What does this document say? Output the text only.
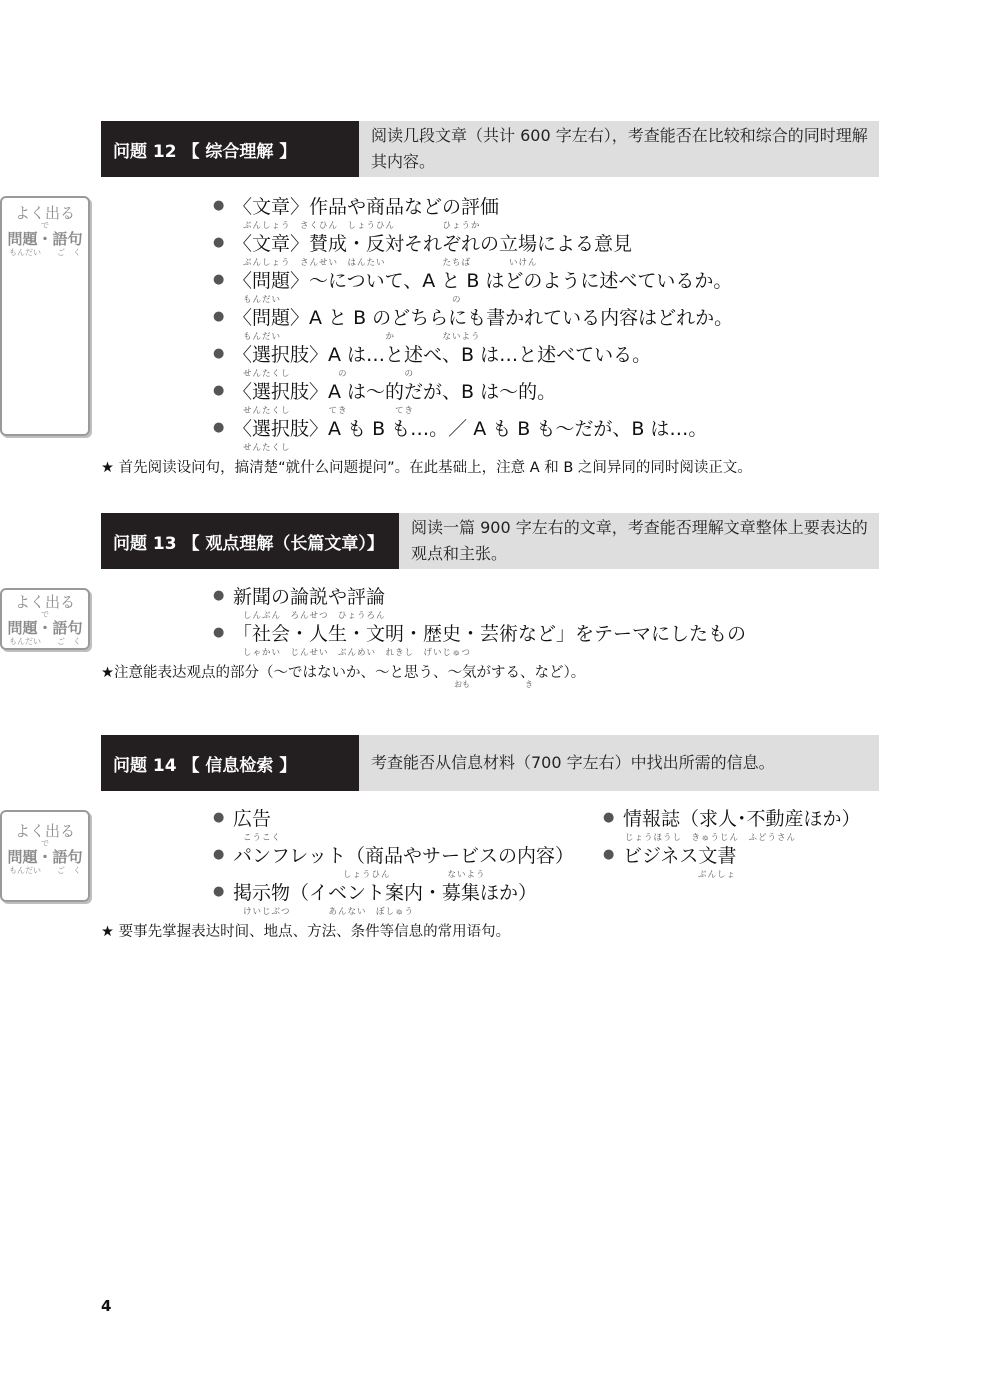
问题 12 【 综合理解 】
阅读几段文章（共计 600 字左右），考查能否在比较和综合的同时理解其内容。
よく出る
で
問題・語句
もんだい　　ご　く
● 〈文章〉作品や商品などの評価
ぶんしょう　さくひん　しょうひん　　　　　ひょうか
● 〈文章〉賛成・反対それぞれの立場による意見
ぶんしょう　さんせい　はんたい　　　　　　たちば　　　　いけん
● 〈問題〉～について、A と B はどのように述べているか。
もんだい　　　　　　　　　　　　　　　　　　の
● 〈問題〉A と B のどちらにも書かれている内容はどれか。
もんだい　　　　　　　　　　　か　　　　　ないよう
● 〈選択肢〉A は…と述べ、B は…と述べている。
せんたくし　　　　　の　　　　　　の
● 〈選択肢〉A は～的だが、B は～的。
せんたくし　　　　てき　　　　　てき
● 〈選択肢〉A も B も…。／ A も B も～だが、B は…。
せんたくし
★ 首先阅读设问句，搞清楚“就什么问题提问”。在此基础上，注意 A 和 B 之间异同的同时阅读正文。
问题 13 【 观点理解（长篇文章）】
阅读一篇 900 字左右的文章，考查能否理解文章整体上要表达的观点和主张。
よく出る
で
問題・語句
もんだい　　ご　く
● 新聞の論説や評論
しんぶん　ろんせつ　ひょうろん
● 「社会・人生・文明・歴史・芸術など」をテーマにしたもの
しゃかい　じんせい　ぶんめい　れきし　げいじゅつ
★注意能表达观点的部分（～ではないか、～と思う、～気がする、など）。
おも	き
问题 14 【 信息检索 】	考查能否从信息材料（700 字左右）中找出所需的信息。
よく出る
で
問題・語句
もんだい　　ご　く
● 広告
こうこく
● パンフレット（商品やサービスの内容）
しょうひん　　　　　　ないよう
● 掲示物（イベント案内・募集ほか）
けいじぶつ　　　　あんない　ぼしゅう
● 情報誌（求人･不動産ほか）
じょうほうし　きゅうじん　ふどうさん
● ビジネス文書
ぶんしょ
★ 要事先掌握表达时间、地点、方法、条件等信息的常用语句。
4
